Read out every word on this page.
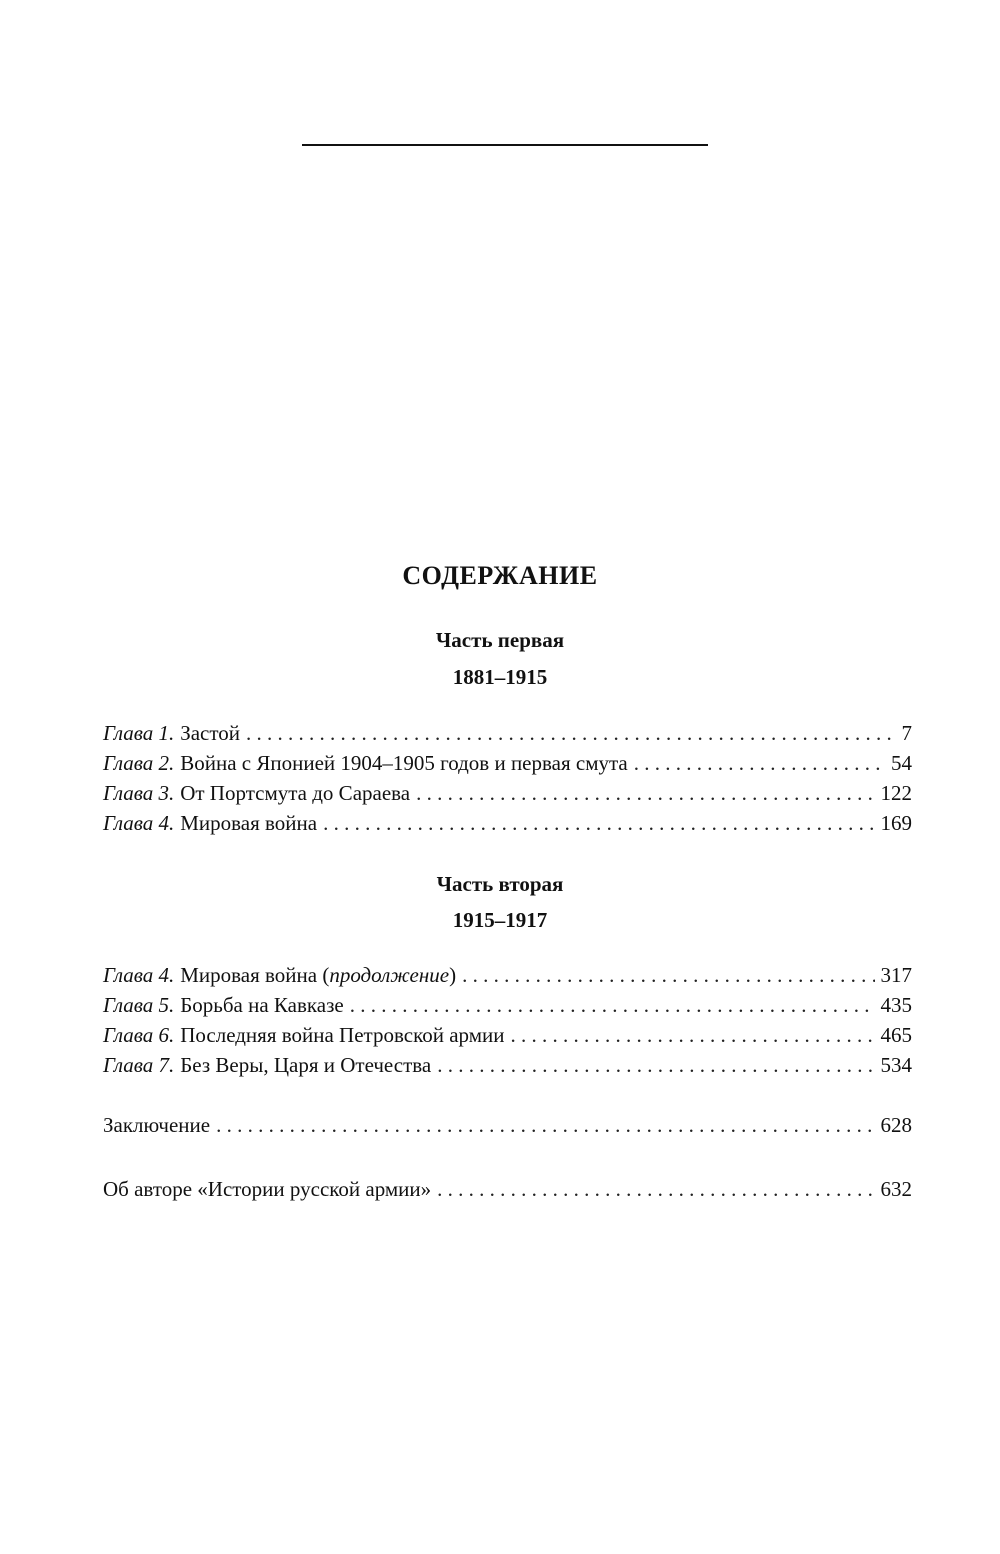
СОДЕРЖАНИЕ
Часть первая
1881–1915
Глава 1. Застой . . .	7
Глава 2. Война с Японией 1904–1905 годов и первая смута . . .	54
Глава 3. От Портсмута до Сараева . . .	122
Глава 4. Мировая война . . .	169
Часть вторая
1915–1917
Глава 4. Мировая война (продолжение) . . .	317
Глава 5. Борьба на Кавказе . . .	435
Глава 6. Последняя война Петровской армии . . .	465
Глава 7. Без Веры, Царя и Отечества . . .	534
Заключение . . .	628
Об авторе «Истории русской армии» . . .	632
